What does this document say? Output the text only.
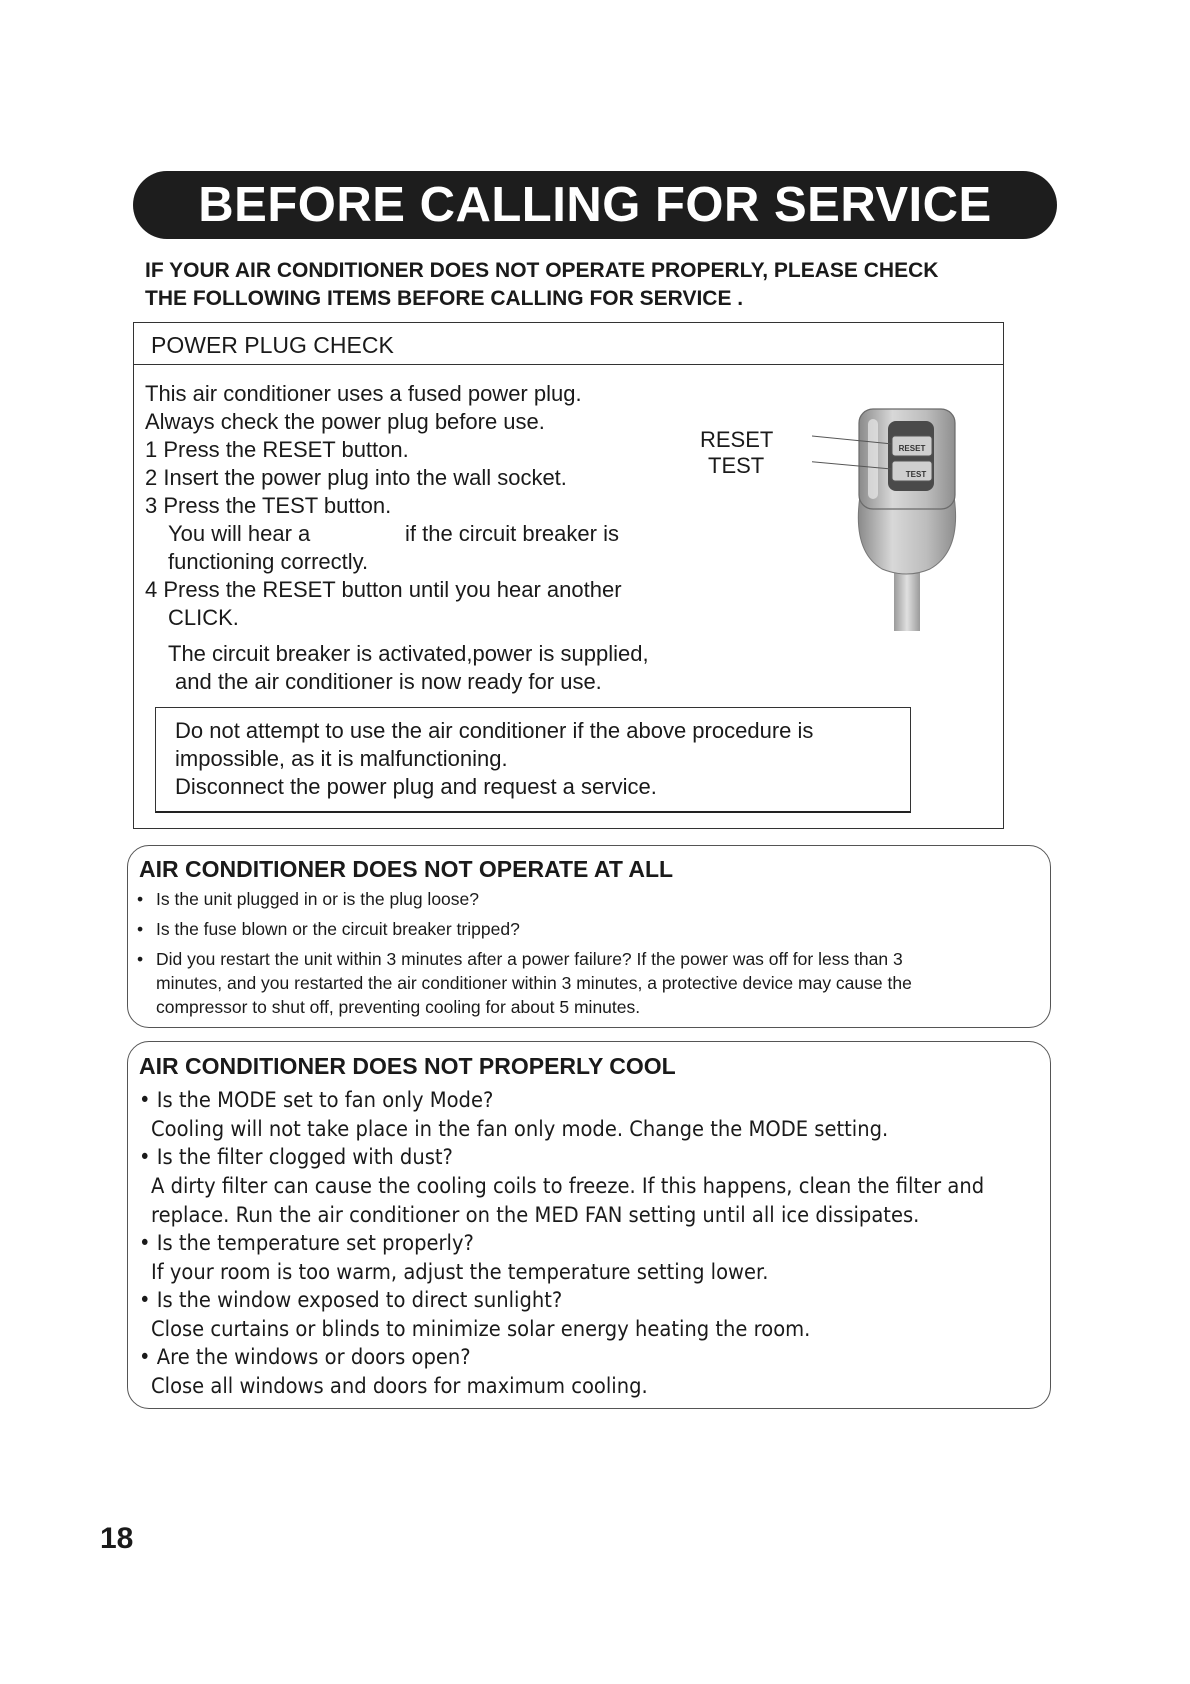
BEFORE CALLING FOR SERVICE
IF YOUR AIR CONDITIONER DOES NOT OPERATE PROPERLY, PLEASE CHECK
THE FOLLOWING ITEMS BEFORE CALLING FOR SERVICE .
POWER PLUG CHECK
This air conditioner uses a fused power plug.
Always check the power plug before use.
1 Press the RESET button.
2 Insert the power plug into the wall socket.
3 Press the TEST button.
You will hear a	if the circuit breaker is
functioning correctly.
4 Press the RESET button until you hear another
CLICK.
The circuit breaker is activated,power is supplied,
and the air conditioner is now ready for use.
Do not attempt to use the air conditioner if the above procedure is
impossible, as it is malfunctioning.
Disconnect the power plug and request a service.
RESET
TEST
RESET
TEST
AIR CONDITIONER DOES NOT OPERATE AT ALL
• Is the unit plugged in or is the plug loose?
• Is the fuse blown or the circuit breaker tripped?
• Did you restart the unit within 3 minutes after a power failure? If the power was off for less than 3
minutes, and you restarted the air conditioner within 3 minutes, a protective device may cause the
compressor to shut off, preventing cooling for about 5 minutes.
AIR CONDITIONER DOES NOT PROPERLY COOL
• Is the MODE set to fan only Mode?
Cooling will not take place in the fan only mode. Change the MODE setting.
• Is the filter clogged with dust?
A dirty filter can cause the cooling coils to freeze. If this happens, clean the filter and
replace. Run the air conditioner on the MED FAN setting until all ice dissipates.
• Is the temperature set properly?
If your room is too warm, adjust the temperature setting lower.
• Is the window exposed to direct sunlight?
Close curtains or blinds to minimize solar energy heating the room.
• Are the windows or doors open?
Close all windows and doors for maximum cooling.
18
